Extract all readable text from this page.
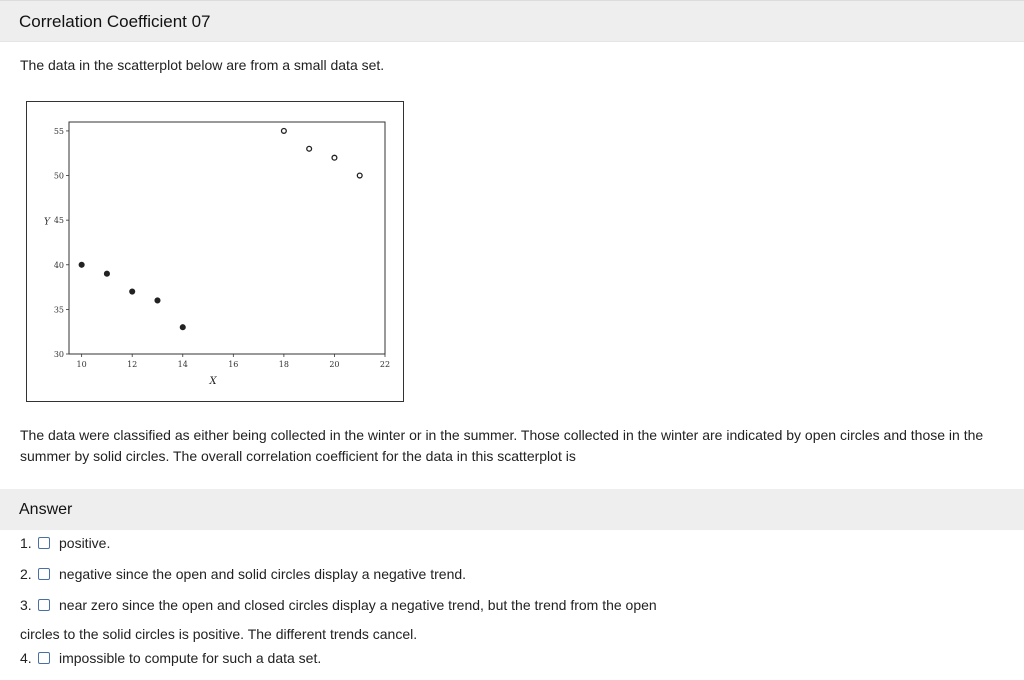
Correlation Coefficient 07
The data in the scatterplot below are from a small data set.
10	12	14	16	18	20	22
30
35
40
45
50
55
X
Y
The data were classified as either being collected in the winter or in the summer. Those collected in the winter are indicated by open circles and those in the summer by solid circles. The overall correlation coefficient for the data in this scatterplot is
Answer
1.	positive.
2.	negative since the open and solid circles display a negative trend.
3.	near zero since the open and closed circles display a negative trend, but the trend from the open
circles to the solid circles is positive. The different trends cancel.
4.	impossible to compute for such a data set.
